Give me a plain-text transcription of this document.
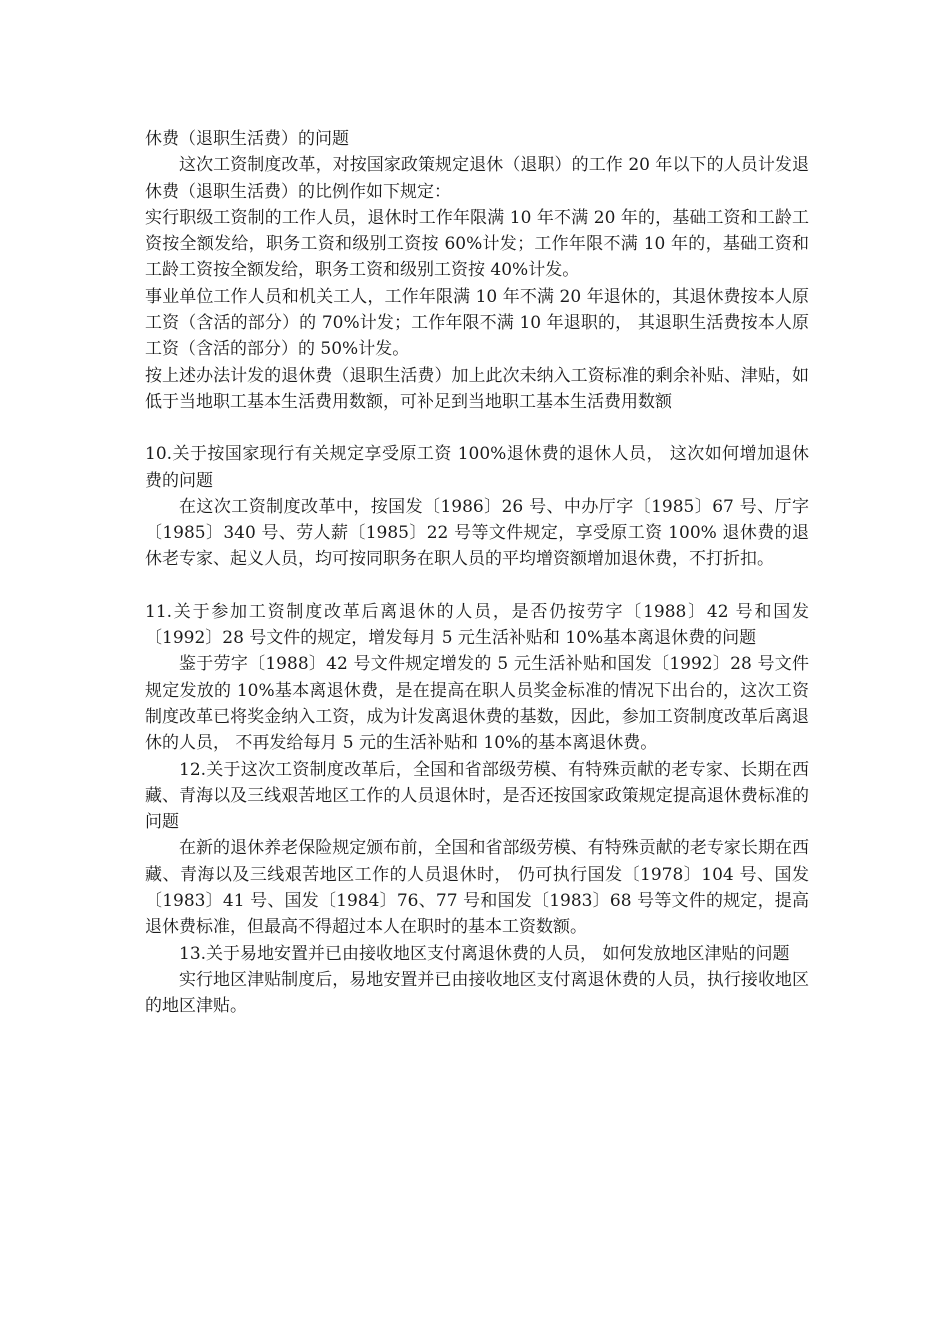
休费（退职生活费）的问题

这次工资制度改革，对按国家政策规定退休（退职）的工作 20 年以下的人员计发退休费（退职生活费）的比例作如下规定：

实行职级工资制的工作人员，退休时工作年限满 10 年不满 20 年的，基础工资和工龄工资按全额发给，职务工资和级别工资按 60%计发；工作年限不满 10 年的，基础工资和工龄工资按全额发给，职务工资和级别工资按 40%计发。

事业单位工作人员和机关工人，工作年限满 10 年不满 20 年退休的，其退休费按本人原工资（含活的部分）的 70%计发；工作年限不满 10 年退职的， 其退职生活费按本人原工资（含活的部分）的 50%计发。

按上述办法计发的退休费（退职生活费）加上此次未纳入工资标准的剩余补贴、津贴，如低于当地职工基本生活费用数额，可补足到当地职工基本生活费用数额

10.关于按国家现行有关规定享受原工资 100%退休费的退休人员， 这次如何增加退休费的问题

在这次工资制度改革中，按国发〔1986〕26 号、中办厅字〔1985〕67 号、厅字〔1985〕340 号、劳人薪〔1985〕22 号等文件规定，享受原工资 100% 退休费的退休老专家、起义人员，均可按同职务在职人员的平均增资额增加退休费，不打折扣。

11.关于参加工资制度改革后离退休的人员，是否仍按劳字〔1988〕42 号和国发〔1992〕28 号文件的规定，增发每月 5 元生活补贴和 10%基本离退休费的问题

鉴于劳字〔1988〕42 号文件规定增发的 5 元生活补贴和国发〔1992〕28 号文件规定发放的 10%基本离退休费，是在提高在职人员奖金标准的情况下出台的，这次工资制度改革已将奖金纳入工资，成为计发离退休费的基数，因此，参加工资制度改革后离退休的人员， 不再发给每月 5 元的生活补贴和 10%的基本离退休费。

12.关于这次工资制度改革后，全国和省部级劳模、有特殊贡献的老专家、长期在西藏、青海以及三线艰苦地区工作的人员退休时，是否还按国家政策规定提高退休费标准的问题

在新的退休养老保险规定颁布前，全国和省部级劳模、有特殊贡献的老专家长期在西藏、青海以及三线艰苦地区工作的人员退休时， 仍可执行国发〔1978〕104 号、国发〔1983〕41 号、国发〔1984〕76、77 号和国发〔1983〕68 号等文件的规定，提高退休费标准，但最高不得超过本人在职时的基本工资数额。

13.关于易地安置并已由接收地区支付离退休费的人员， 如何发放地区津贴的问题

实行地区津贴制度后，易地安置并已由接收地区支付离退休费的人员，执行接收地区的地区津贴。
